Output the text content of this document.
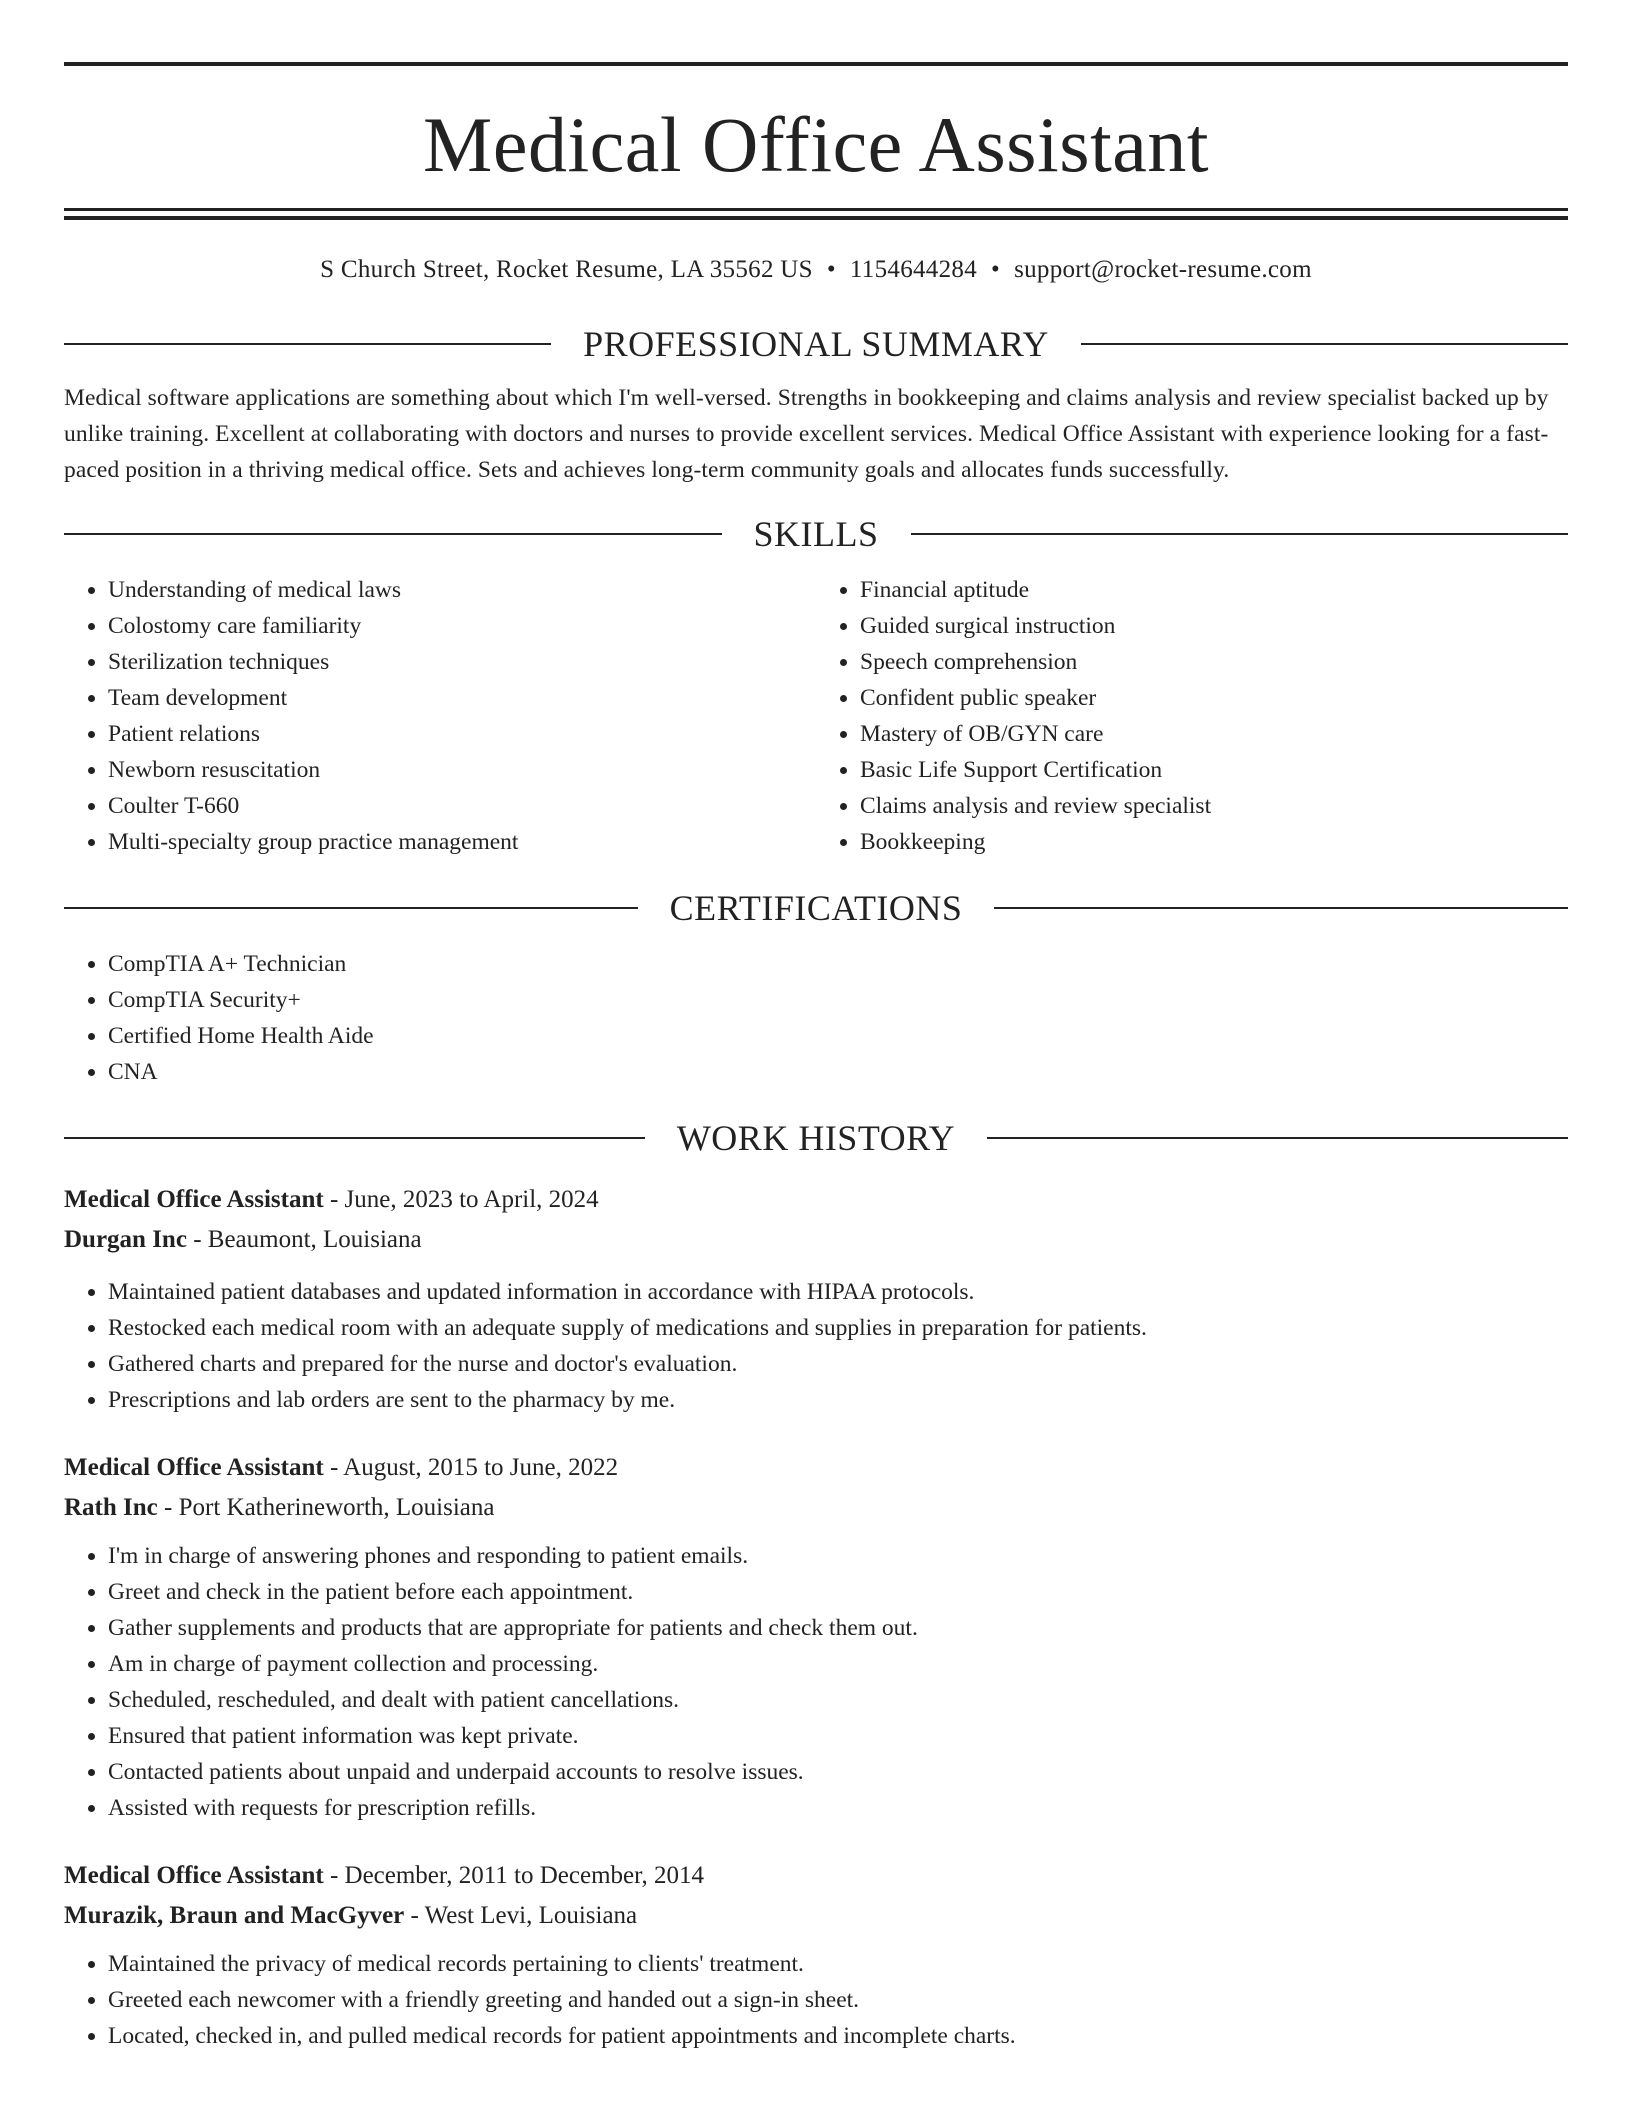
Medical Office Assistant
S Church Street, Rocket Resume, LA 35562 US • 1154644284 • support@rocket-resume.com
PROFESSIONAL SUMMARY
Medical software applications are something about which I'm well-versed. Strengths in bookkeeping and claims analysis and review specialist backed up by unlike training. Excellent at collaborating with doctors and nurses to provide excellent services. Medical Office Assistant with experience looking for a fast-paced position in a thriving medical office. Sets and achieves long-term community goals and allocates funds successfully.
SKILLS
• Understanding of medical laws
• Colostomy care familiarity
• Sterilization techniques
• Team development
• Patient relations
• Newborn resuscitation
• Coulter T-660
• Multi-specialty group practice management
• Financial aptitude
• Guided surgical instruction
• Speech comprehension
• Confident public speaker
• Mastery of OB/GYN care
• Basic Life Support Certification
• Claims analysis and review specialist
• Bookkeeping
CERTIFICATIONS
• CompTIA A+ Technician
• CompTIA Security+
• Certified Home Health Aide
• CNA
WORK HISTORY
Medical Office Assistant - June, 2023 to April, 2024
Durgan Inc - Beaumont, Louisiana
• Maintained patient databases and updated information in accordance with HIPAA protocols.
• Restocked each medical room with an adequate supply of medications and supplies in preparation for patients.
• Gathered charts and prepared for the nurse and doctor's evaluation.
• Prescriptions and lab orders are sent to the pharmacy by me.
Medical Office Assistant - August, 2015 to June, 2022
Rath Inc - Port Katherineworth, Louisiana
• I'm in charge of answering phones and responding to patient emails.
• Greet and check in the patient before each appointment.
• Gather supplements and products that are appropriate for patients and check them out.
• Am in charge of payment collection and processing.
• Scheduled, rescheduled, and dealt with patient cancellations.
• Ensured that patient information was kept private.
• Contacted patients about unpaid and underpaid accounts to resolve issues.
• Assisted with requests for prescription refills.
Medical Office Assistant - December, 2011 to December, 2014
Murazik, Braun and MacGyver - West Levi, Louisiana
• Maintained the privacy of medical records pertaining to clients' treatment.
• Greeted each newcomer with a friendly greeting and handed out a sign-in sheet.
• Located, checked in, and pulled medical records for patient appointments and incomplete charts.
